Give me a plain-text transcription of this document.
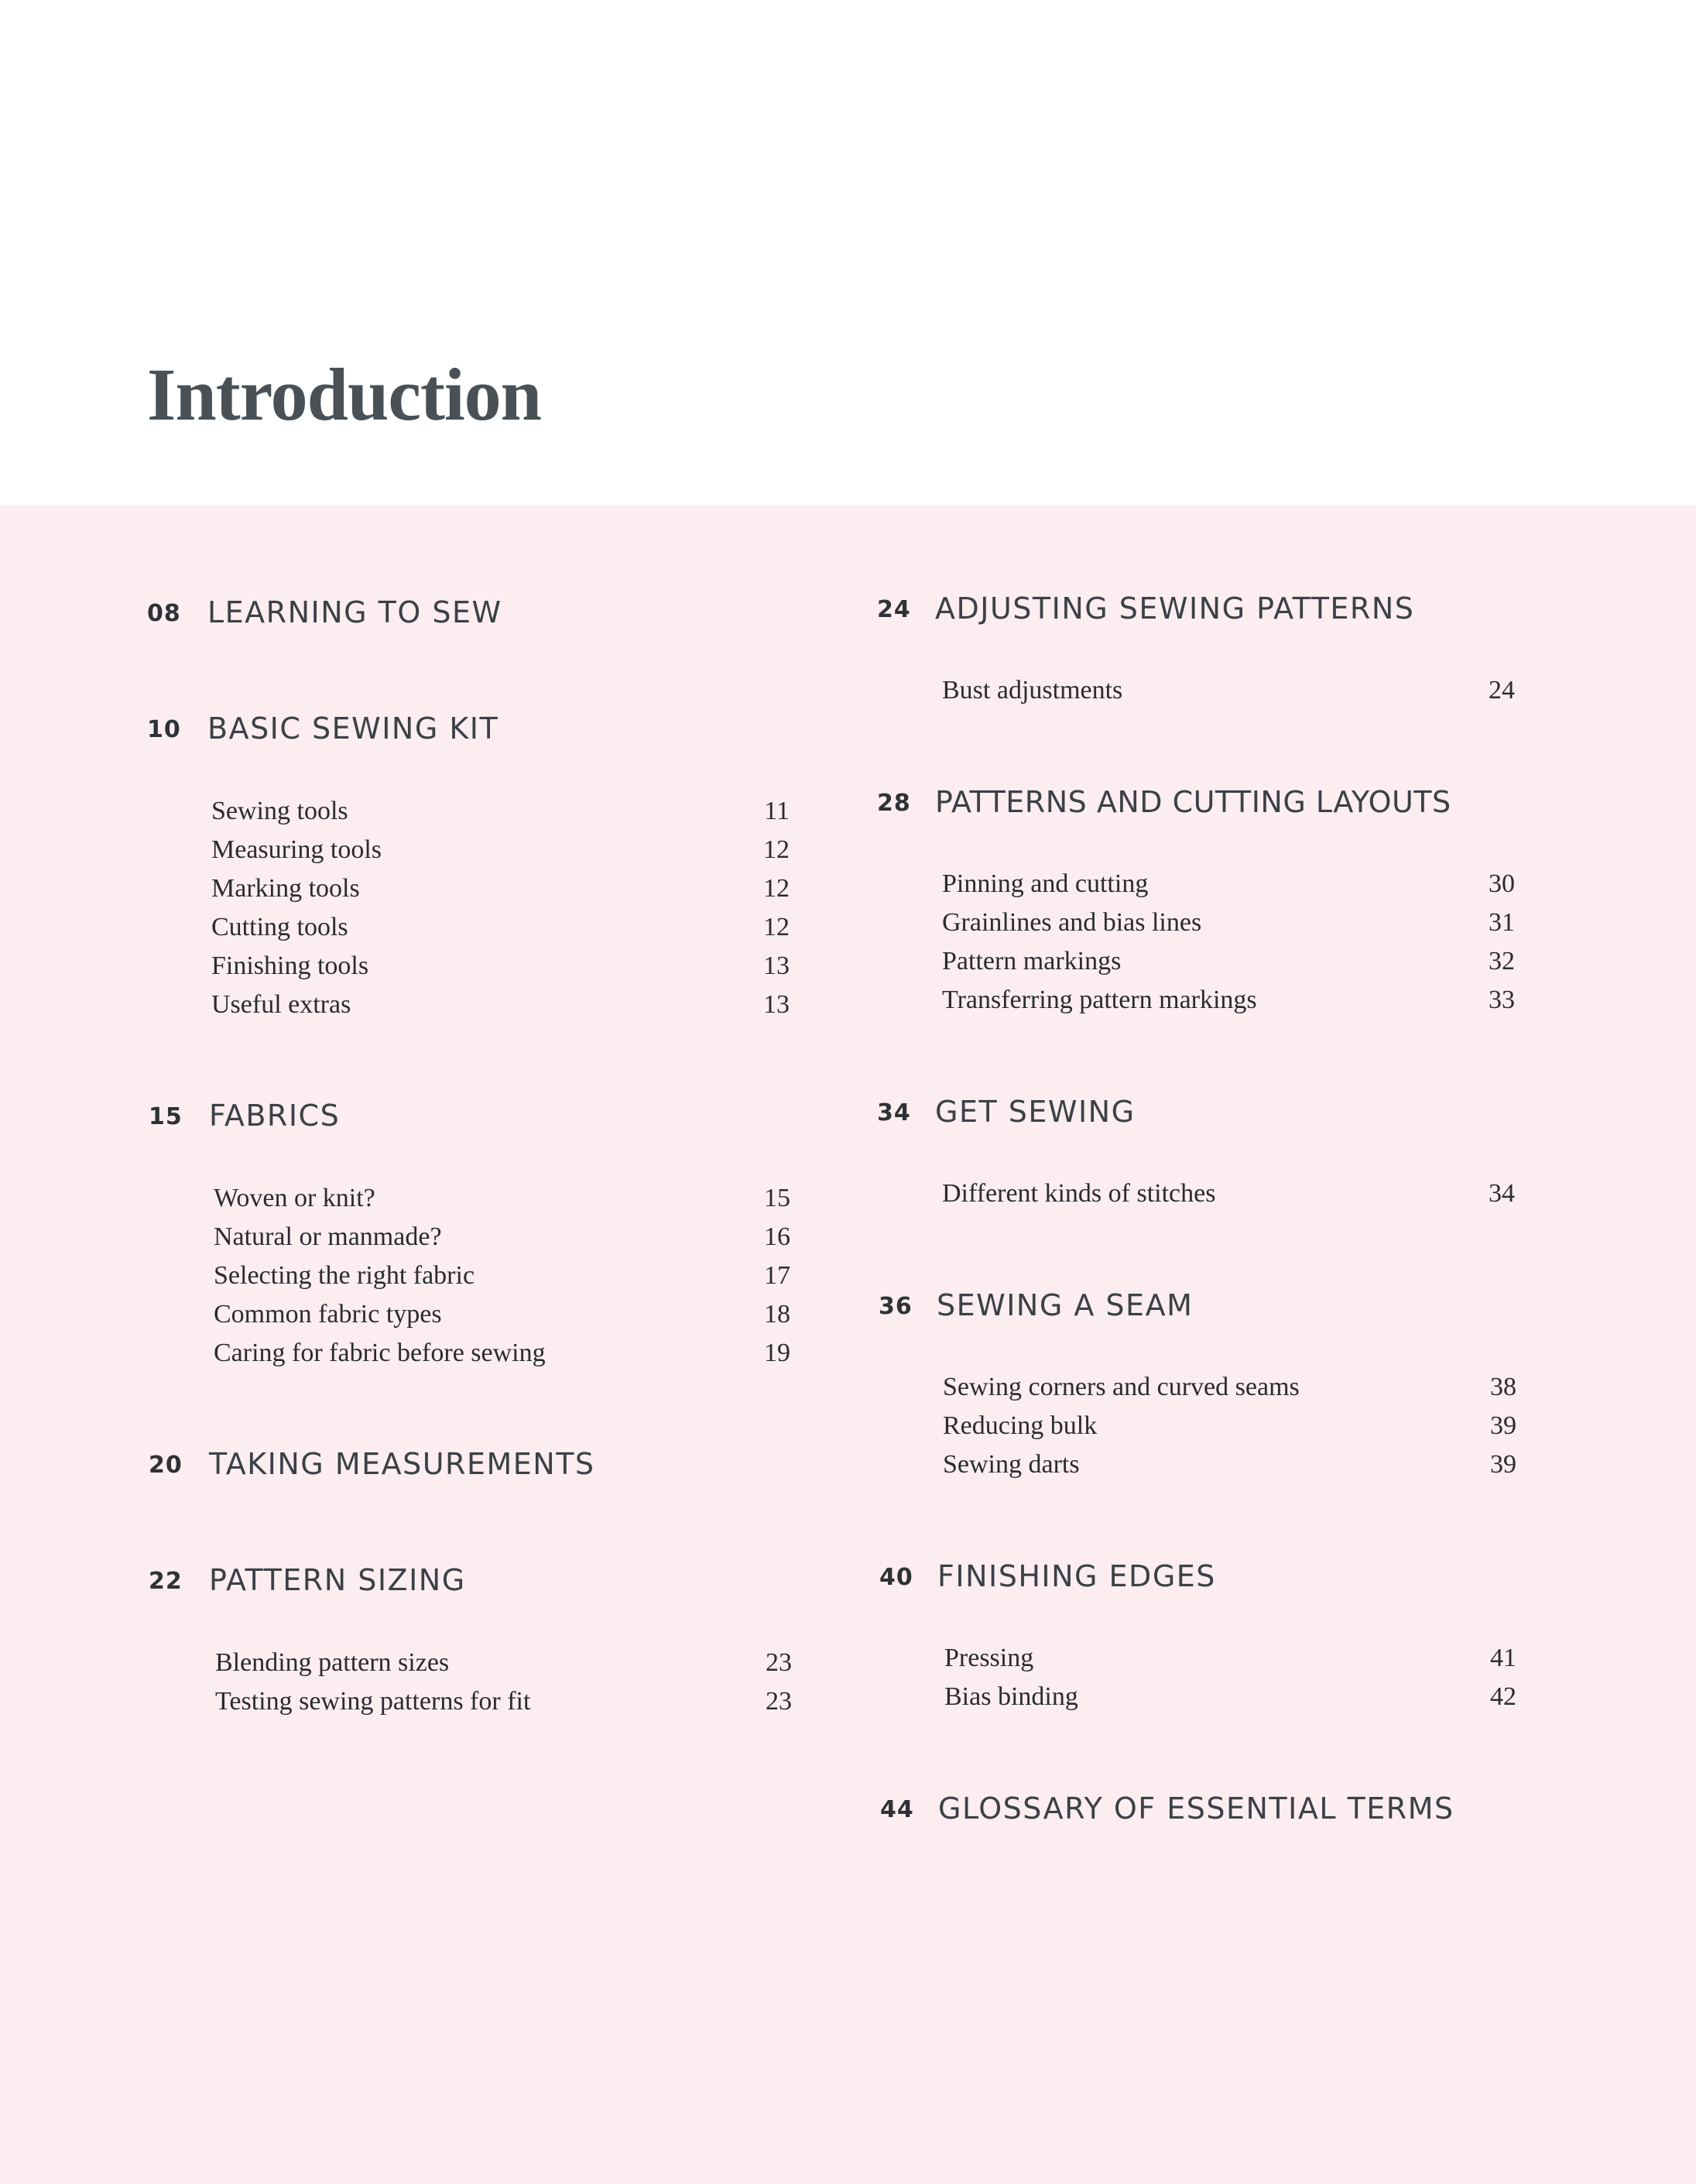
Introduction
08 LEARNING TO SEW
10 BASIC SEWING KIT
Sewing tools	11
Measuring tools	12
Marking tools	12
Cutting tools	12
Finishing tools	13
Useful extras	13
15 FABRICS
Woven or knit?	15
Natural or manmade?	16
Selecting the right fabric	17
Common fabric types	18
Caring for fabric before sewing	19
20 TAKING MEASUREMENTS
22 PATTERN SIZING
Blending pattern sizes	23
Testing sewing patterns for fit	23
24 ADJUSTING SEWING PATTERNS
Bust adjustments	24
28 PATTERNS AND CUTTING LAYOUTS
Pinning and cutting	30
Grainlines and bias lines	31
Pattern markings	32
Transferring pattern markings	33
34 GET SEWING
Different kinds of stitches	34
36 SEWING A SEAM
Sewing corners and curved seams	38
Reducing bulk	39
Sewing darts	39
40 FINISHING EDGES
Pressing	41
Bias binding	42
44 GLOSSARY OF ESSENTIAL TERMS
